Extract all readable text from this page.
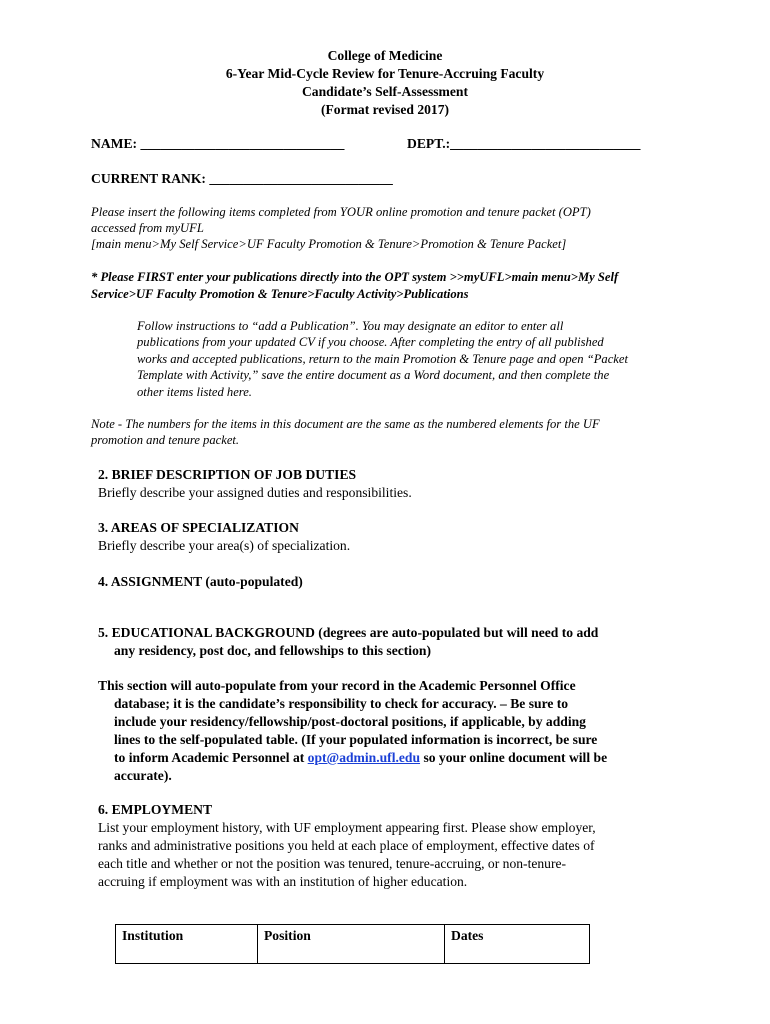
College of Medicine
6-Year Mid-Cycle Review for Tenure-Accruing Faculty
Candidate’s Self-Assessment
(Format revised 2017)
NAME: ______________________________	DEPT.:____________________________
CURRENT RANK: ___________________________
Please insert the following items completed from YOUR online promotion and tenure packet (OPT)
accessed from myUFL
[main menu>My Self Service>UF Faculty Promotion & Tenure>Promotion & Tenure Packet]
* Please FIRST enter your publications directly into the OPT system >>myUFL>main menu>My Self
Service>UF Faculty Promotion & Tenure>Faculty Activity>Publications
Follow instructions to “add a Publication”. You may designate an editor to enter all
publications from your updated CV if you choose. After completing the entry of all published
works and accepted publications, return to the main Promotion & Tenure page and open “Packet
Template with Activity,” save the entire document as a Word document, and then complete the
other items listed here.
Note - The numbers for the items in this document are the same as the numbered elements for the UF
promotion and tenure packet.
2. BRIEF DESCRIPTION OF JOB DUTIES
Briefly describe your assigned duties and responsibilities.
3. AREAS OF SPECIALIZATION
Briefly describe your area(s) of specialization.
4. ASSIGNMENT (auto-populated)
5. EDUCATIONAL BACKGROUND (degrees are auto-populated but will need to add
any residency, post doc, and fellowships to this section)
This section will auto-populate from your record in the Academic Personnel Office
database; it is the candidate’s responsibility to check for accuracy. – Be sure to
include your residency/fellowship/post-doctoral positions, if applicable, by adding
lines to the self-populated table. (If your populated information is incorrect, be sure
to inform Academic Personnel at opt@admin.ufl.edu so your online document will be
accurate).
6. EMPLOYMENT
List your employment history, with UF employment appearing first. Please show employer,
ranks and administrative positions you held at each place of employment, effective dates of
each title and whether or not the position was tenured, tenure-accruing, or non-tenure-
accruing if employment was with an institution of higher education.
Institution	Position	Dates
